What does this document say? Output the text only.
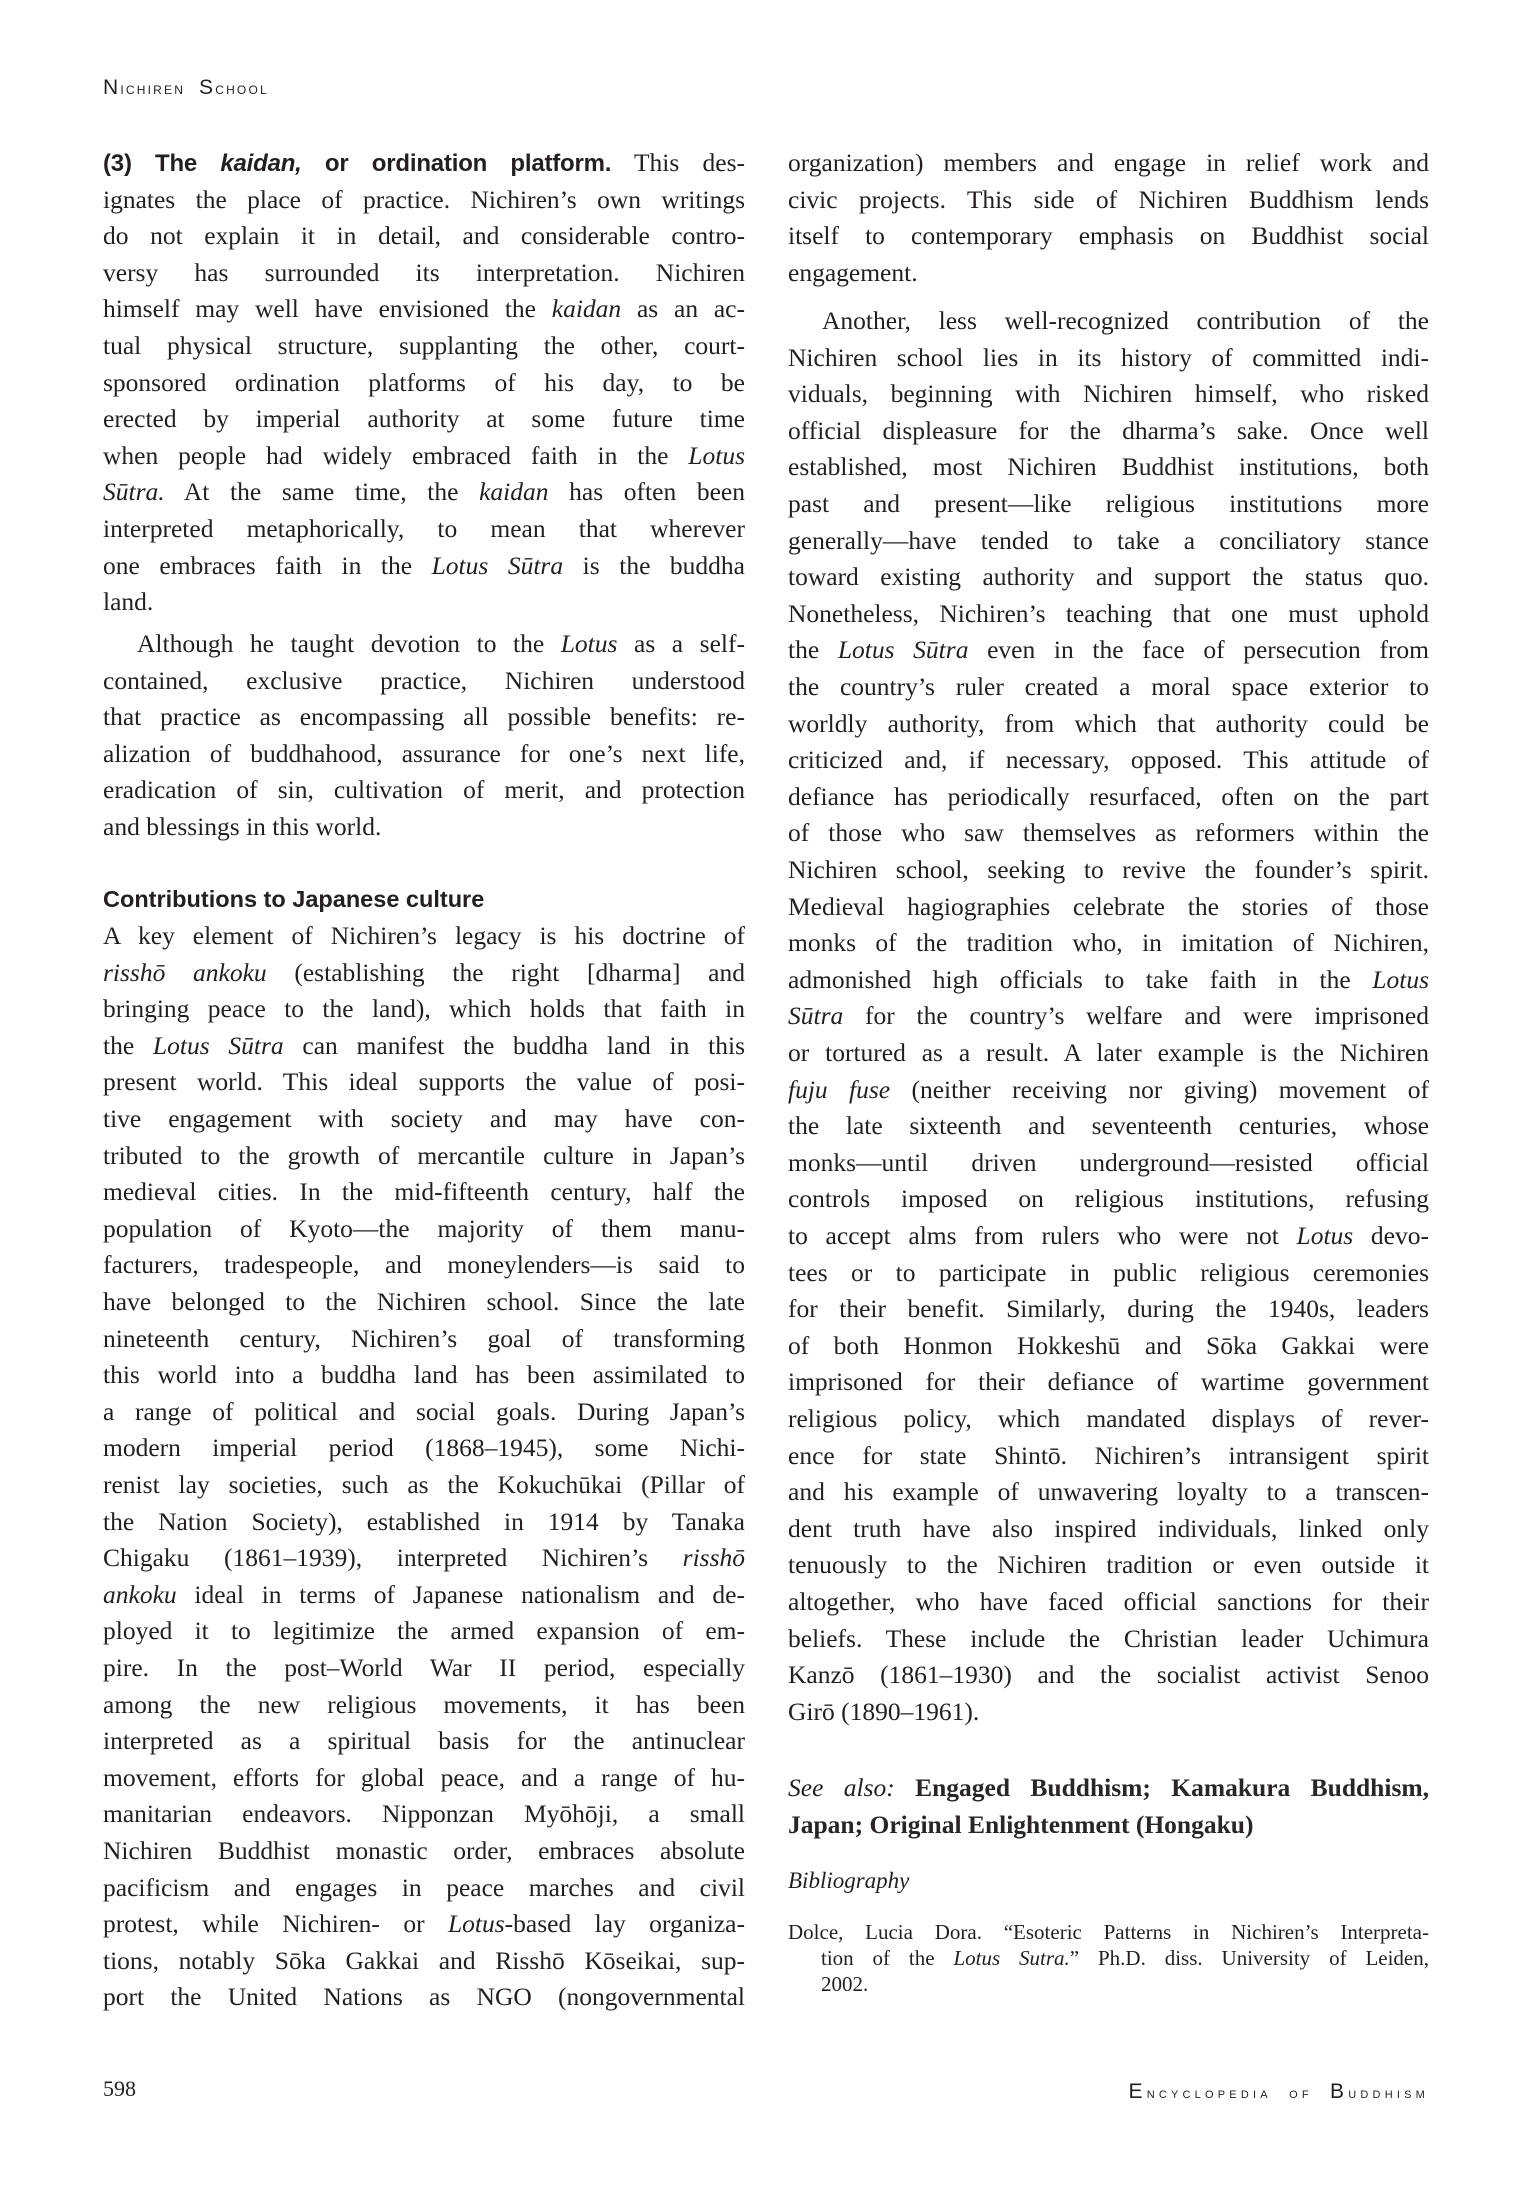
Nichiren School
(3) The kaidan, or ordination platform. This des-
ignates the place of practice. Nichiren’s own writings
do not explain it in detail, and considerable contro-
versy has surrounded its interpretation. Nichiren
himself may well have envisioned the kaidan as an ac-
tual physical structure, supplanting the other, court-
sponsored ordination platforms of his day, to be
erected by imperial authority at some future time
when people had widely embraced faith in the Lotus
Sūtra. At the same time, the kaidan has often been
interpreted metaphorically, to mean that wherever
one embraces faith in the Lotus Sūtra is the buddha
land.
Although he taught devotion to the Lotus as a self-
contained, exclusive practice, Nichiren understood
that practice as encompassing all possible benefits: re-
alization of buddhahood, assurance for one’s next life,
eradication of sin, cultivation of merit, and protection
and blessings in this world.
Contributions to Japanese culture
A key element of Nichiren’s legacy is his doctrine of
risshō ankoku (establishing the right [dharma] and
bringing peace to the land), which holds that faith in
the Lotus Sūtra can manifest the buddha land in this
present world. This ideal supports the value of posi-
tive engagement with society and may have con-
tributed to the growth of mercantile culture in Japan’s
medieval cities. In the mid-fifteenth century, half the
population of Kyoto—the majority of them manu-
facturers, tradespeople, and moneylenders—is said to
have belonged to the Nichiren school. Since the late
nineteenth century, Nichiren’s goal of transforming
this world into a buddha land has been assimilated to
a range of political and social goals. During Japan’s
modern imperial period (1868–1945), some Nichi-
renist lay societies, such as the Kokuchūkai (Pillar of
the Nation Society), established in 1914 by Tanaka
Chigaku (1861–1939), interpreted Nichiren’s risshō
ankoku ideal in terms of Japanese nationalism and de-
ployed it to legitimize the armed expansion of em-
pire. In the post–World War II period, especially
among the new religious movements, it has been
interpreted as a spiritual basis for the antinuclear
movement, efforts for global peace, and a range of hu-
manitarian endeavors. Nipponzan Myōhōji, a small
Nichiren Buddhist monastic order, embraces absolute
pacificism and engages in peace marches and civil
protest, while Nichiren- or Lotus-based lay organiza-
tions, notably Sōka Gakkai and Risshō Kōseikai, sup-
port the United Nations as NGO (nongovernmental
organization) members and engage in relief work and
civic projects. This side of Nichiren Buddhism lends
itself to contemporary emphasis on Buddhist social
engagement.
Another, less well-recognized contribution of the
Nichiren school lies in its history of committed indi-
viduals, beginning with Nichiren himself, who risked
official displeasure for the dharma’s sake. Once well
established, most Nichiren Buddhist institutions, both
past and present—like religious institutions more
generally—have tended to take a conciliatory stance
toward existing authority and support the status quo.
Nonetheless, Nichiren’s teaching that one must uphold
the Lotus Sūtra even in the face of persecution from
the country’s ruler created a moral space exterior to
worldly authority, from which that authority could be
criticized and, if necessary, opposed. This attitude of
defiance has periodically resurfaced, often on the part
of those who saw themselves as reformers within the
Nichiren school, seeking to revive the founder’s spirit.
Medieval hagiographies celebrate the stories of those
monks of the tradition who, in imitation of Nichiren,
admonished high officials to take faith in the Lotus
Sūtra for the country’s welfare and were imprisoned
or tortured as a result. A later example is the Nichiren
fuju fuse (neither receiving nor giving) movement of
the late sixteenth and seventeenth centuries, whose
monks—until driven underground—resisted official
controls imposed on religious institutions, refusing
to accept alms from rulers who were not Lotus devo-
tees or to participate in public religious ceremonies
for their benefit. Similarly, during the 1940s, leaders
of both Honmon Hokkeshū and Sōka Gakkai were
imprisoned for their defiance of wartime government
religious policy, which mandated displays of rever-
ence for state Shintō. Nichiren’s intransigent spirit
and his example of unwavering loyalty to a transcen-
dent truth have also inspired individuals, linked only
tenuously to the Nichiren tradition or even outside it
altogether, who have faced official sanctions for their
beliefs. These include the Christian leader Uchimura
Kanzō (1861–1930) and the socialist activist Senoo
Girō (1890–1961).
See also: Engaged Buddhism; Kamakura Buddhism,
Japan; Original Enlightenment (Hongaku)
Bibliography
Dolce, Lucia Dora. “Esoteric Patterns in Nichiren’s Interpreta-
tion of the Lotus Sutra.” Ph.D. diss. University of Leiden,
2002.
598	Encyclopedia of Buddhism
